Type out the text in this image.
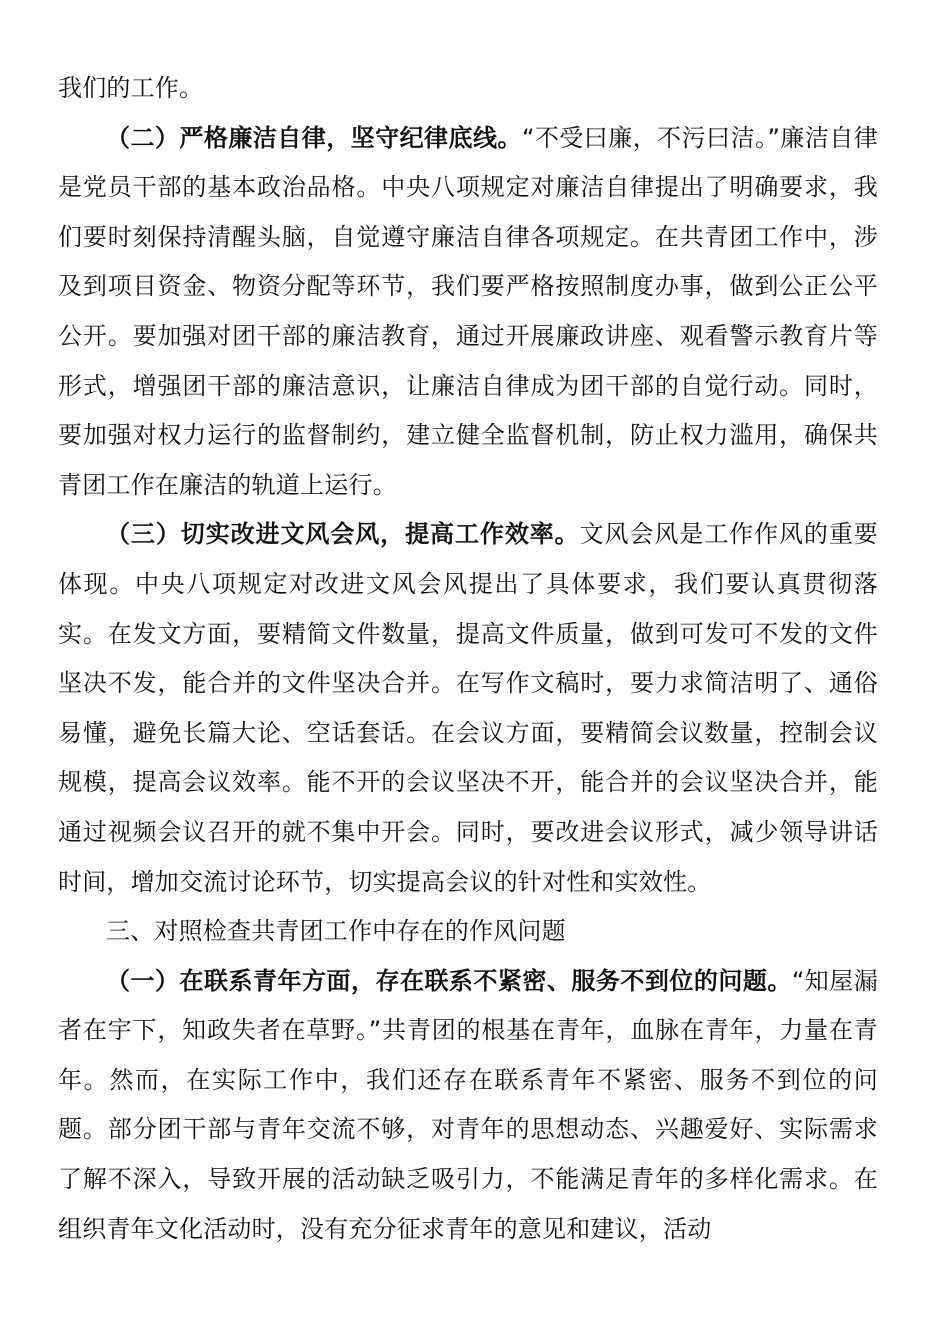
我们的工作。

（二）严格廉洁自律，坚守纪律底线。“不受曰廉，不污曰洁。”廉洁自律是党员干部的基本政治品格。中央八项规定对廉洁自律提出了明确要求，我们要时刻保持清醒头脑，自觉遵守廉洁自律各项规定。在共青团工作中，涉及到项目资金、物资分配等环节，我们要严格按照制度办事，做到公正公平公开。要加强对团干部的廉洁教育，通过开展廉政讲座、观看警示教育片等形式，增强团干部的廉洁意识，让廉洁自律成为团干部的自觉行动。同时，要加强对权力运行的监督制约，建立健全监督机制，防止权力滥用，确保共青团工作在廉洁的轨道上运行。

（三）切实改进文风会风，提高工作效率。文风会风是工作作风的重要体现。中央八项规定对改进文风会风提出了具体要求，我们要认真贯彻落实。在发文方面，要精简文件数量，提高文件质量，做到可发可不发的文件坚决不发，能合并的文件坚决合并。在写作文稿时，要力求简洁明了、通俗易懂，避免长篇大论、空话套话。在会议方面，要精简会议数量，控制会议规模，提高会议效率。能不开的会议坚决不开，能合并的会议坚决合并，能通过视频会议召开的就不集中开会。同时，要改进会议形式，减少领导讲话时间，增加交流讨论环节，切实提高会议的针对性和实效性。

三、对照检查共青团工作中存在的作风问题

（一）在联系青年方面，存在联系不紧密、服务不到位的问题。“知屋漏者在宇下，知政失者在草野。”共青团的根基在青年，血脉在青年，力量在青年。然而，在实际工作中，我们还存在联系青年不紧密、服务不到位的问题。部分团干部与青年交流不够，对青年的思想动态、兴趣爱好、实际需求了解不深入，导致开展的活动缺乏吸引力，不能满足青年的多样化需求。在组织青年文化活动时，没有充分征求青年的意见和建议，活动
